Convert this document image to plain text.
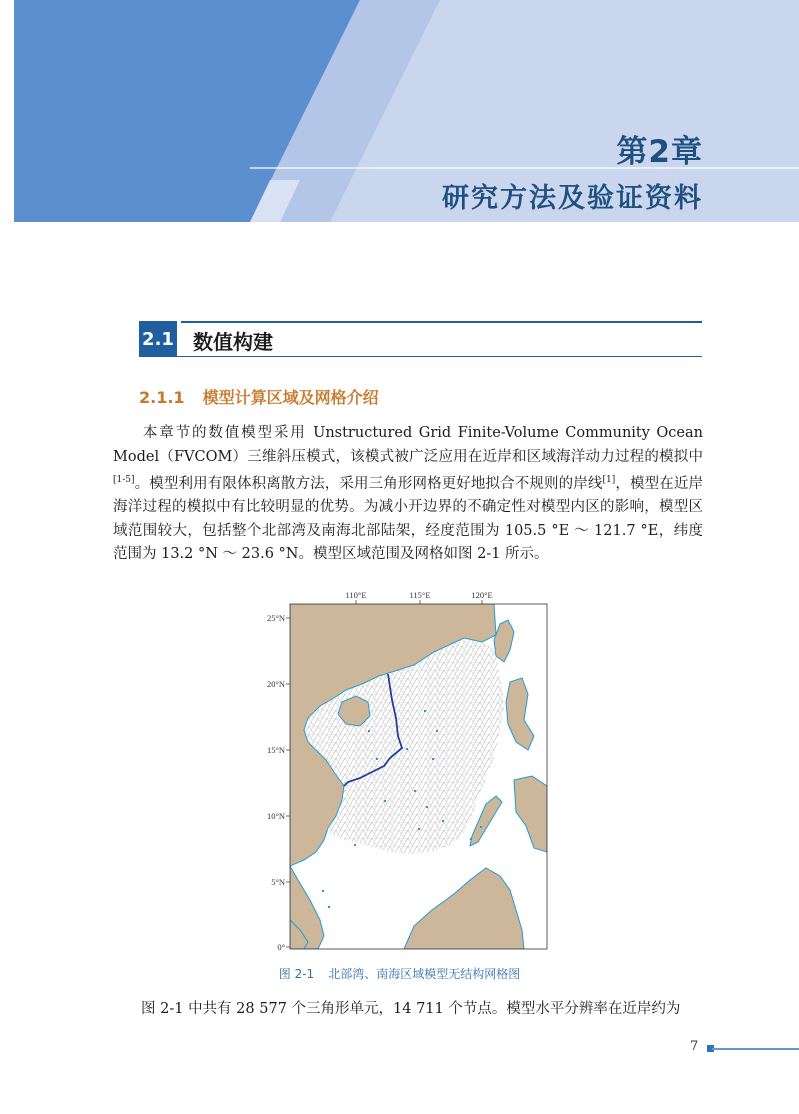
第2章
研究方法及验证资料
2.1 数值构建
2.1.1 模型计算区域及网格介绍
本章节的数值模型采用 Unstructured Grid Finite-Volume Community Ocean Model（FVCOM）三维斜压模式，该模式被广泛应用在近岸和区域海洋动力过程的模拟中[1-5]。模型利用有限体积离散方法，采用三角形网格更好地拟合不规则的岸线[1]，模型在近岸海洋过程的模拟中有比较明显的优势。为减小开边界的不确定性对模型内区的影响，模型区域范围较大，包括整个北部湾及南海北部陆架，经度范围为 105.5 °E ～ 121.7 °E，纬度范围为 13.2 °N ～ 23.6 °N。模型区域范围及网格如图 2-1 所示。
110°E	115°E	120°E
25°N
20°N
15°N
10°N
5°N
0°
图 2-1 北部湾、南海区域模型无结构网格图
图 2-1 中共有 28 577 个三角形单元，14 711 个节点。模型水平分辨率在近岸约为
7
